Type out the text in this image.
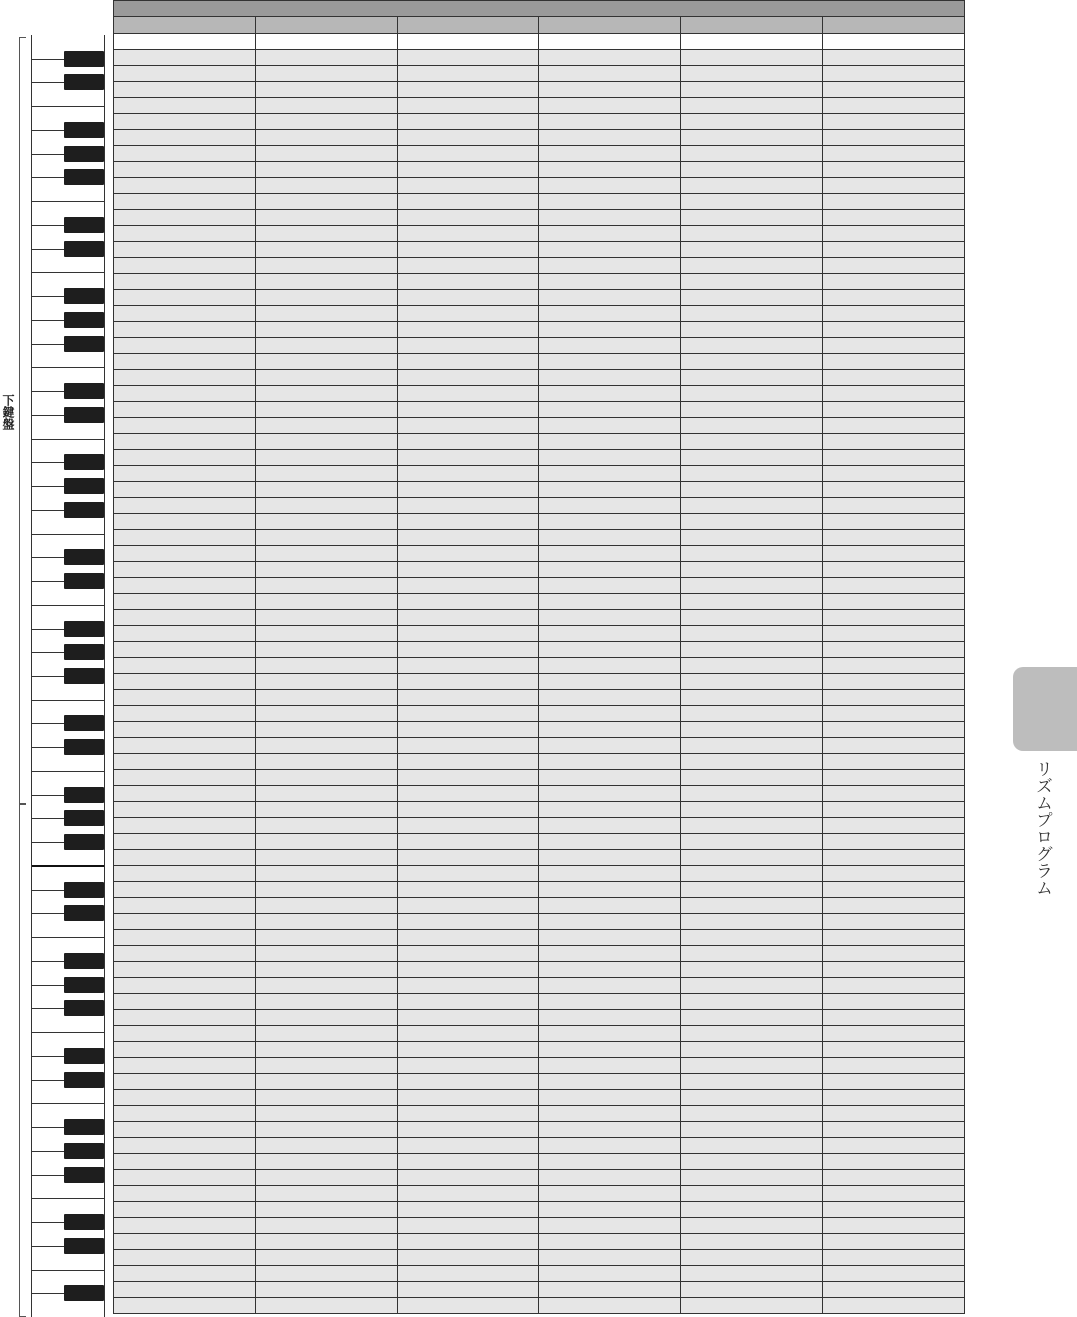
下鍵盤
リズムプログラム
